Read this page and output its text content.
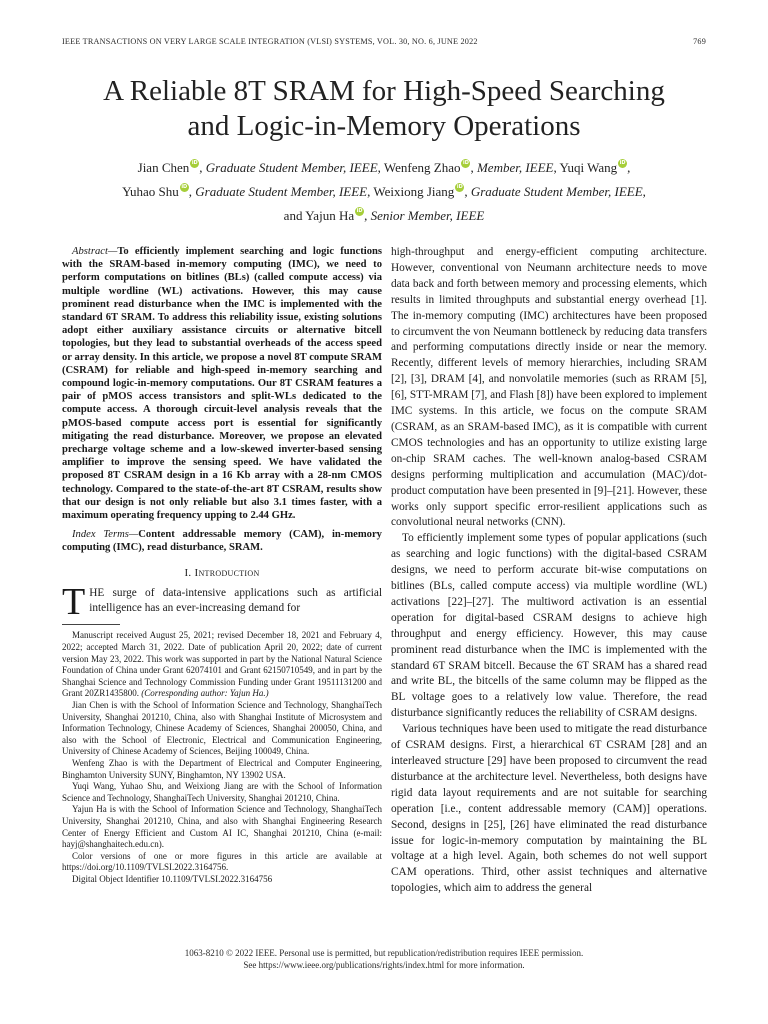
IEEE TRANSACTIONS ON VERY LARGE SCALE INTEGRATION (VLSI) SYSTEMS, VOL. 30, NO. 6, JUNE 2022	769
A Reliable 8T SRAM for High-Speed Searching
and Logic-in-Memory Operations
Jian Chen iD , Graduate Student Member, IEEE, Wenfeng Zhao iD , Member, IEEE, Yuqi Wang iD ,
Yuhao Shu iD , Graduate Student Member, IEEE, Weixiong Jiang iD , Graduate Student Member, IEEE,
and Yajun Ha iD , Senior Member, IEEE
Abstract—To efficiently implement searching and logic functions with the SRAM-based in-memory computing (IMC), we need to perform computations on bitlines (BLs) (called compute access) via multiple wordline (WL) activations. However, this may cause prominent read disturbance when the IMC is implemented with the standard 6T SRAM. To address this reliability issue, existing solutions adopt either auxiliary assistance circuits or alternative bitcell topologies, but they lead to substantial overheads of the access speed or array density. In this article, we propose a novel 8T compute SRAM (CSRAM) for reliable and high-speed in-memory searching and compound logic-in-memory computations. Our 8T CSRAM features a pair of pMOS access transistors and split-WLs dedicated to the compute access. A thorough circuit-level analysis reveals that the pMOS-based compute access port is essential for significantly mitigating the read disturbance. Moreover, we propose an elevated precharge voltage scheme and a low-skewed inverter-based sensing amplifier to improve the sensing speed. We have validated the proposed 8T CSRAM design in a 16 Kb array with a 28-nm CMOS technology. Compared to the state-of-the-art 8T CSRAM, results show that our design is not only reliable but also 3.1 times faster, with a maximum operating frequency upping to 2.44 GHz.
Index Terms—Content addressable memory (CAM), in-memory computing (IMC), read disturbance, SRAM.
I. Introduction
THE surge of data-intensive applications such as artificial intelligence has an ever-increasing demand for

Manuscript received August 25, 2021; revised December 18, 2021 and February 4, 2022; accepted March 31, 2022. Date of publication April 20, 2022; date of current version May 23, 2022. This work was supported in part by the National Natural Science Foundation of China under Grant 62074101 and Grant 62150710549, and in part by the Shanghai Science and Technology Commission Funding under Grant 19511131200 and Grant 20ZR1435800. (Corresponding author: Yajun Ha.)

Jian Chen is with the School of Information Science and Technology, ShanghaiTech University, Shanghai 201210, China, also with Shanghai Institute of Microsystem and Information Technology, Chinese Academy of Sciences, Shanghai 200050, China, and also with the School of Electronic, Electrical and Communication Engineering, University of Chinese Academy of Sciences, Beijing 100049, China.

Wenfeng Zhao is with the Department of Electrical and Computer Engineering, Binghamton University SUNY, Binghamton, NY 13902 USA.

Yuqi Wang, Yuhao Shu, and Weixiong Jiang are with the School of Information Science and Technology, ShanghaiTech University, Shanghai 201210, China.

Yajun Ha is with the School of Information Science and Technology, ShanghaiTech University, Shanghai 201210, China, and also with Shanghai Engineering Research Center of Energy Efficient and Custom AI IC, Shanghai 201210, China (e-mail: hayj@shanghaitech.edu.cn).

Color versions of one or more figures in this article are available at https://doi.org/10.1109/TVLSI.2022.3164756.

Digital Object Identifier 10.1109/TVLSI.2022.3164756

high-throughput and energy-efficient computing architecture. However, conventional von Neumann architecture needs to move data back and forth between memory and processing elements, which results in limited throughputs and substantial energy overhead [1]. The in-memory computing (IMC) architectures have been proposed to circumvent the von Neumann bottleneck by reducing data transfers and performing computations directly inside or near the memory. Recently, different levels of memory hierarchies, including SRAM [2], [3], DRAM [4], and nonvolatile memories (such as RRAM [5], [6], STT-MRAM [7], and Flash [8]) have been explored to implement IMC systems. In this article, we focus on the compute SRAM (CSRAM, as an SRAM-based IMC), as it is compatible with current CMOS technologies and has an opportunity to utilize existing large on-chip SRAM caches. The well-known analog-based CSRAM designs performing multiplication and accumulation (MAC)/dot-product computation have been presented in [9]–[21]. However, these works only support specific error-resilient applications such as convolutional neural networks (CNN).

To efficiently implement some types of popular applications (such as searching and logic functions) with the digital-based CSRAM designs, we need to perform accurate bit-wise computations on bitlines (BLs, called compute access) via multiple wordline (WL) activations [22]–[27]. The multiword activation is an essential operation for digital-based CSRAM designs to achieve high throughput and energy efficiency. However, this may cause prominent read disturbance when the IMC is implemented with the standard 6T SRAM bitcell. Because the 6T SRAM has a shared read and write BL, the bitcells of the same column may be flipped as the BL voltage goes to a relatively low value. Therefore, the read disturbance significantly reduces the reliability of CSRAM designs.

Various techniques have been used to mitigate the read disturbance of CSRAM designs. First, a hierarchical 6T CSRAM [28] and an interleaved structure [29] have been proposed to circumvent the read disturbance at the architecture level. Nevertheless, both designs have rigid data layout requirements and are not suitable for searching operation [i.e., content addressable memory (CAM)] operations. Second, designs in [25], [26] have eliminated the read disturbance issue for logic-in-memory computation by maintaining the BL voltage at a high level. Again, both schemes do not well support CAM operations. Third, other assist techniques and alternative topologies, which aim to address the general

1063-8210 © 2022 IEEE. Personal use is permitted, but republication/redistribution requires IEEE permission.
See https://www.ieee.org/publications/rights/index.html for more information.
